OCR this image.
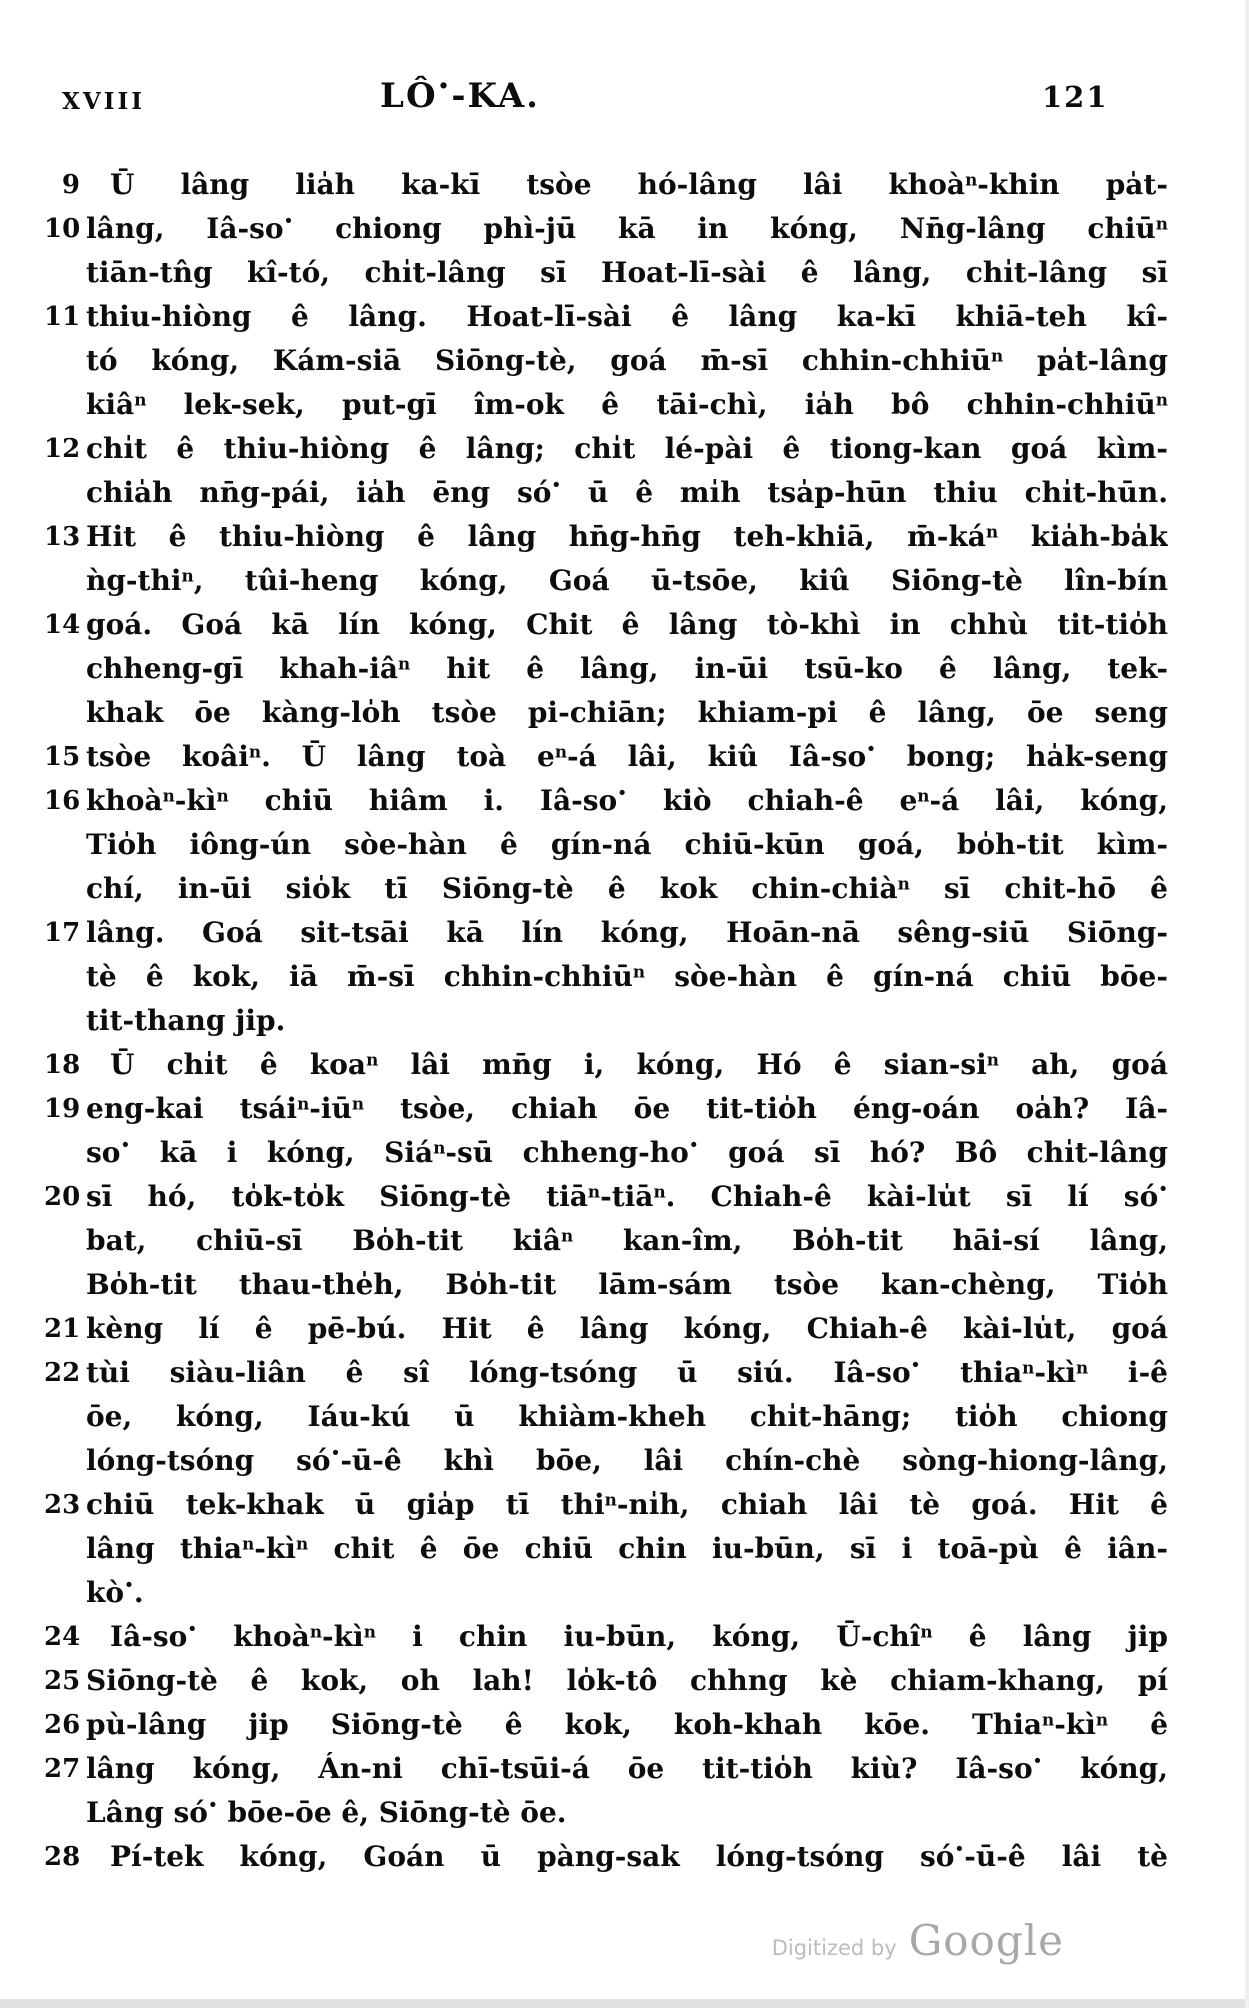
XVIII	LÔ·-KA.	121
9	Ū lâng lia̍h ka-kī tsòe hó-lâng lâi khoà$^n$-khin pa̍t-
10 lâng, Iâ-so· chiong phì-jū kā in kóng, Nn̄g-lâng chiū$^n$
tiān-tn̂g kî-tó, chi̍t-lâng sī Hoat-lī-sài ê lâng, chi̍t-lâng sī
11 thiu-hiòng ê lâng. Hoat-lī-sài ê lâng ka-kī khiā-teh kî-
tó kóng, Kám-siā Siōng-tè, goá m̄-sī chhin-chhiū$^n$ pa̍t-lâng
kiâ$^n$ lek-sek, put-gī îm-ok ê tāi-chì, ia̍h bô chhin-chhiū$^n$
12 chi̍t ê thiu-hiòng ê lâng; chi̍t lé-pài ê tiong-kan goá kìm-
chia̍h nn̄g-pái, ia̍h ēng só· ū ê mi̍h tsa̍p-hūn thiu chi̍t-hūn.
13 Hit ê thiu-hiòng ê lâng hn̄g-hn̄g teh-khiā, $m̄-ká^n$ kia̍h-ba̍k
ǹg-thi$^n$, tûi-heng kóng, Goá ū-tsōe, kiû Siōng-tè lîn-bín
14 goá. Goá kā lín kóng, Chit ê lâng tò-khì in chhù tit-tio̍h
chheng-gī khah-$iâ^n$ hit ê lâng, in-ūi tsū-ko ê lâng, tek-
khak ōe kàng-lo̍h tsòe pi-chiān; khiam-pi ê lâng, ōe seng
15 tsòe koâi$^n$. Ū lâng toà $e^n-á$ lâi, kiû Iâ-so· bong; ha̍k-seng
16 $khoà^n-kì^n$ chiū hiâm i. Iâ-so· kiò chiah-ê $e^n-á$ lâi, kóng,
Tio̍h iông-ún sòe-hàn ê gín-ná chiū-kūn goá, bo̍h-tit kìm-
chí, in-ūi sio̍k tī Siōng-tè ê kok chin-chià$^n$ sī chit-hō ê
17 lâng. Goá sit-tsāi kā lín kóng, Hoān-nā sêng-siū Siōng-
tè ê kok, iā m̄-sī chhin-chhiū$^n$ sòe-hàn ê gín-ná chiū bōe-
tit-thang jip.
18	Ū chi̍t ê koa$^n$ lâi mn̄g i, kóng, Hó ê sian-$si^n$ ah, goá
19 eng-kai $tsái^n-iū^n$ tsòe, chiah ōe tit-tio̍h éng-oán oa̍h? Iâ-
so· kā i kóng, Siá$^n$-sū chheng-ho· goá sī hó? Bô chi̍t-lâng
20 sī hó, to̍k-to̍k Siōng-tè tiā$^n$-tiā$^n$. Chiah-ê kài-lu̍t sī lí só·
bat, chiū-sī Bo̍h-tit kiâ$^n$ kan-îm, Bo̍h-tit hāi-sí lâng,
Bo̍h-tit thau-the̍h, Bo̍h-tit lām-sám tsòe kan-chèng, Tio̍h
21 kèng lí ê pē-bú. Hit ê lâng kóng, Chiah-ê kài-lu̍t, goá
22 tùi siàu-liân ê sî lóng-tsóng ū siú. Iâ-so· $thia^n-kì^n$ i-ê
ōe, kóng, Iáu-kú ū khiàm-kheh chi̍t-hāng; tio̍h chiong
lóng-tsóng só·-ū-ê khì bōe, lâi chín-chè sòng-hiong-lâng,
23 chiū tek-khak ū gia̍p tī thi$^n$-ni̍h, chiah lâi tè goá. Hit ê
lâng $thia^n-kì^n$ chit ê ōe chiū chin iu-būn, sī i toā-pù ê iân-
kò·.
24	Iâ-so· $khoà^n-kì^n$ i chin iu-būn, kóng, Ū-chî$^n$ ê lâng jip
25 Siōng-tè ê kok, oh lah! lo̍k-tô chhng kè chiam-khang, pí
26 pù-lâng jip Siōng-tè ê kok, koh-khah kōe. $Thia^n-kì^n$ ê
27 lâng kóng, Án-ni chī-tsūi-á ōe tit-tio̍h kiù? Iâ-so· kóng,
Lâng só· bōe-ōe ê, Siōng-tè ōe.
28	Pí-tek kóng, Goán ū pàng-sak lóng-tsóng só·-ū-ê lâi tè
Digitized by Google
